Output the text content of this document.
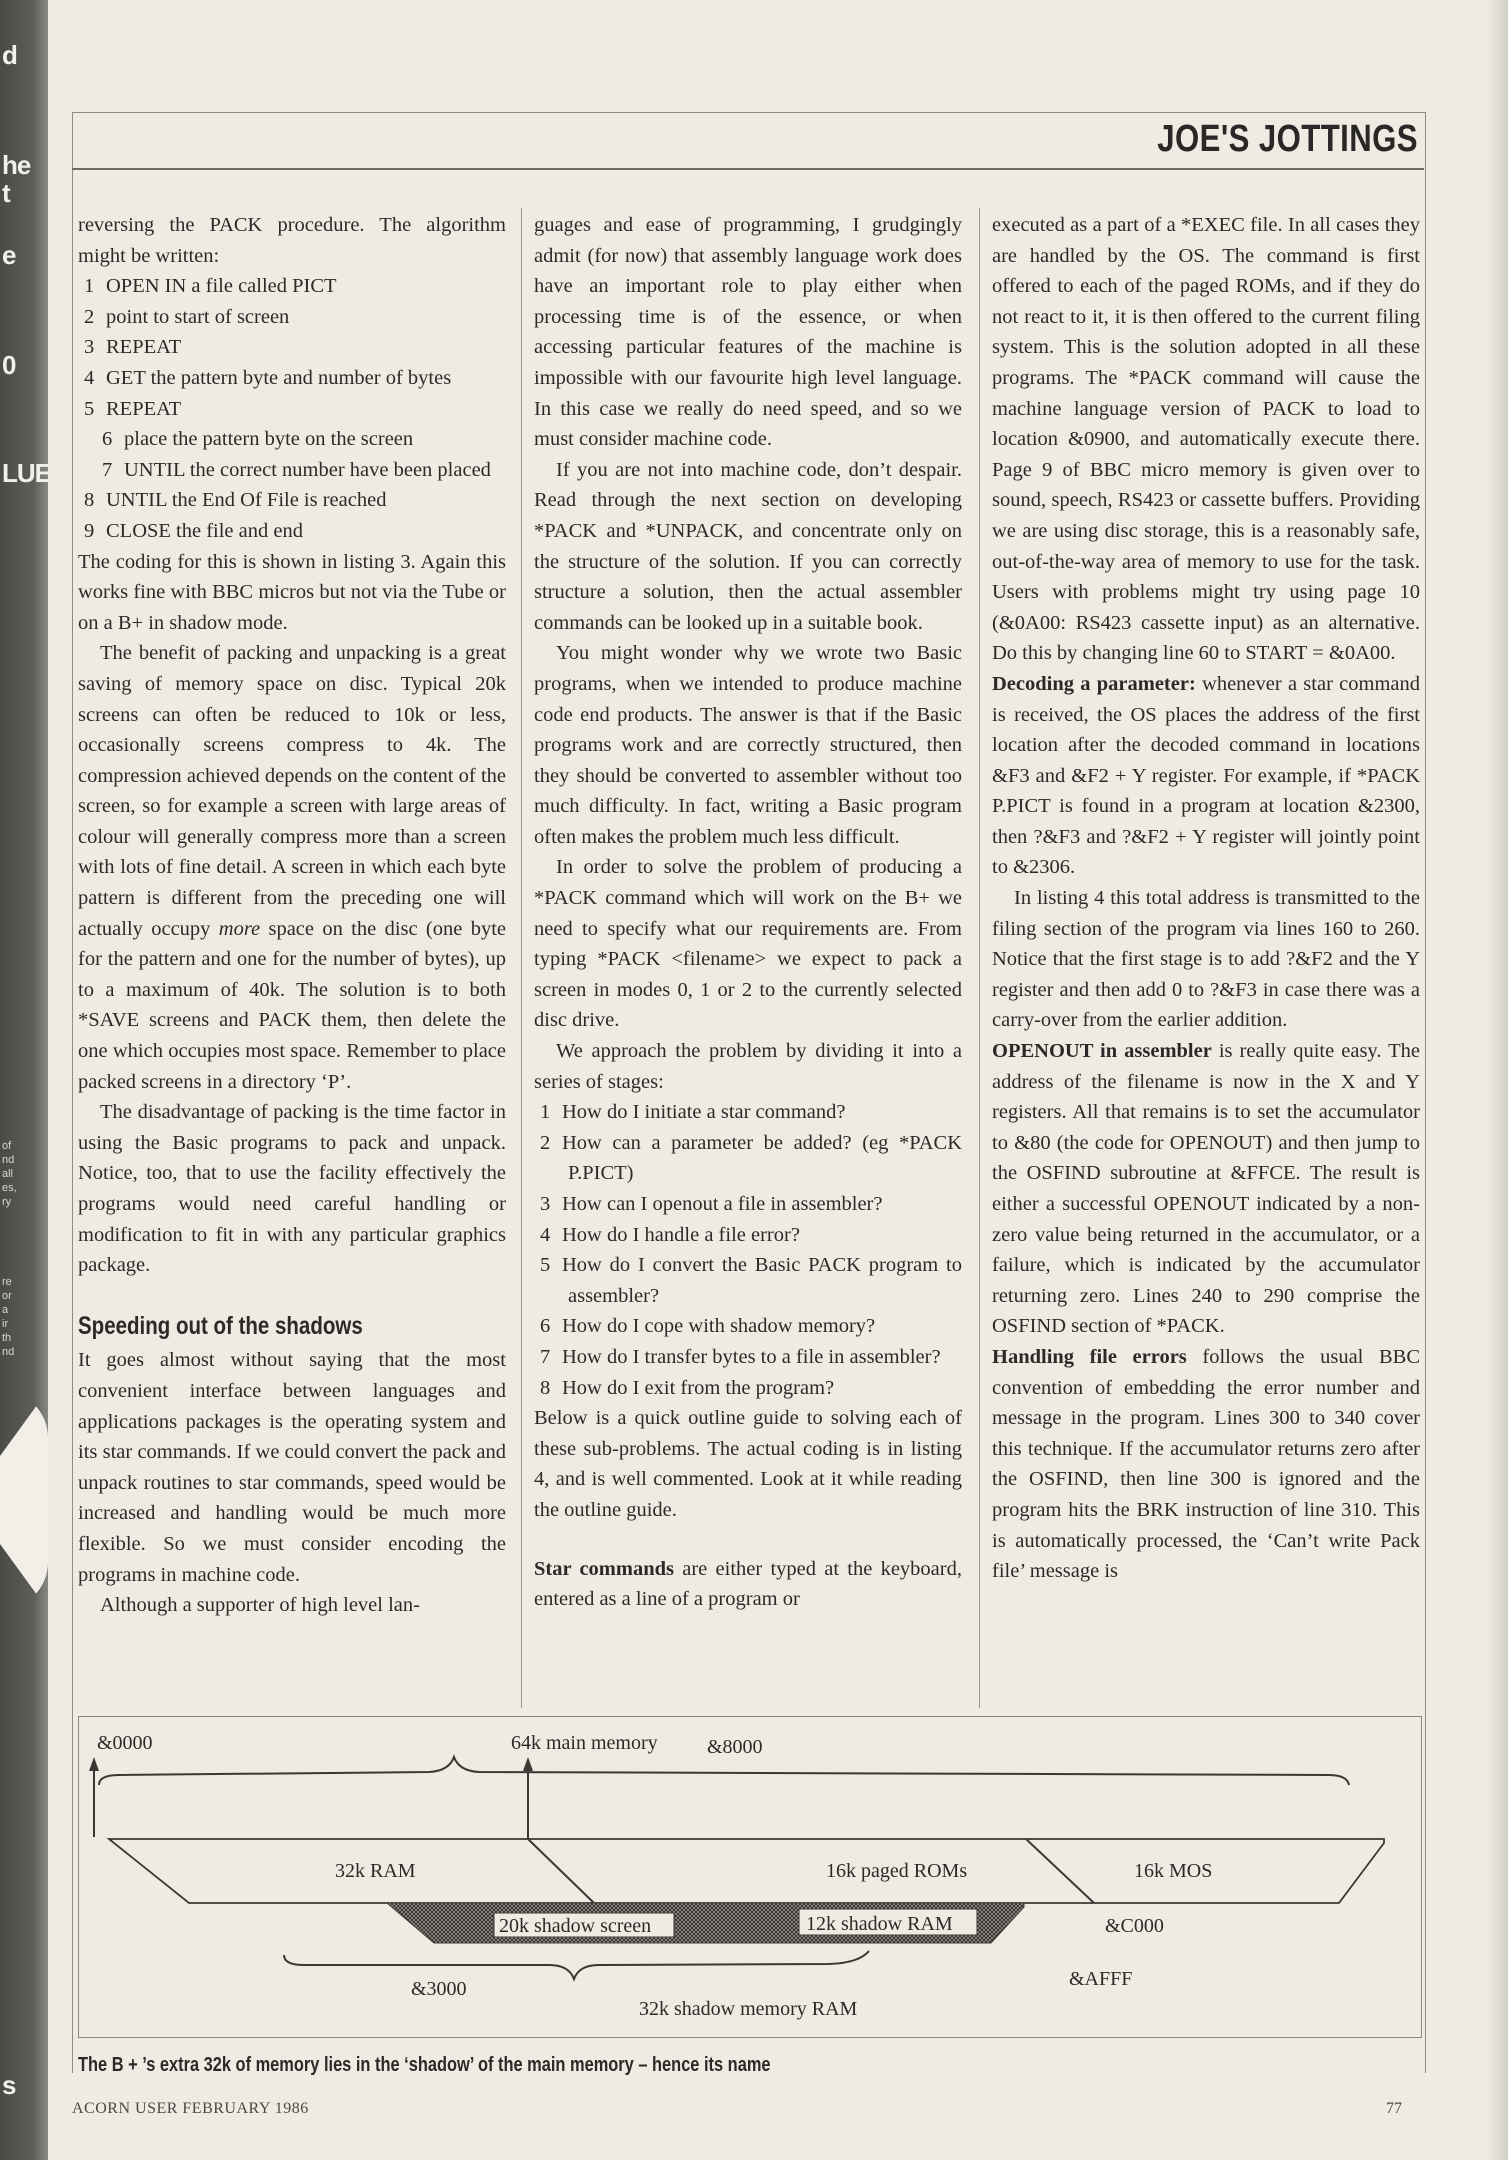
d
he
t
e
0
LUE
of
nd
all
es,
ry
re
or
a
ir
th
nd
s
JOE'S JOTTINGS

reversing the PACK procedure. The algorithm might be written:

1 OPEN IN a file called PICT

2 point to start of screen

3 REPEAT

4 GET the pattern byte and number of bytes

5 REPEAT

6 place the pattern byte on the screen

7 UNTIL the correct number have been placed

8 UNTIL the End Of File is reached

9 CLOSE the file and end

The coding for this is shown in listing 3. Again this works fine with BBC micros but not via the Tube or on a B+ in shadow mode.

The benefit of packing and unpacking is a great saving of memory space on disc. Typical 20k screens can often be reduced to 10k or less, occasionally screens compress to 4k. The compression achieved depends on the content of the screen, so for example a screen with large areas of colour will generally compress more than a screen with lots of fine detail. A screen in which each byte pattern is different from the preceding one will actually occupy more space on the disc (one byte for the pattern and one for the number of bytes), up to a maximum of 40k. The solution is to both *SAVE screens and PACK them, then delete the one which occupies most space. Remember to place packed screens in a directory ‘P’.

The disadvantage of packing is the time factor in using the Basic programs to pack and unpack. Notice, too, that to use the facility effectively the programs would need careful handling or modification to fit in with any particular graphics package.

Speeding out of the shadows

It goes almost without saying that the most convenient interface between languages and applications packages is the operating system and its star commands. If we could convert the pack and unpack routines to star commands, speed would be increased and handling would be much more flexible. So we must consider encoding the programs in machine code.

Although a supporter of high level lan-

guages and ease of programming, I grudgingly admit (for now) that assembly language work does have an important role to play either when processing time is of the essence, or when accessing particular features of the machine is impossible with our favourite high level language. In this case we really do need speed, and so we must consider machine code.

If you are not into machine code, don’t despair. Read through the next section on developing *PACK and *UNPACK, and concentrate only on the structure of the solution. If you can correctly structure a solution, then the actual assembler commands can be looked up in a suitable book.

You might wonder why we wrote two Basic programs, when we intended to produce machine code end products. The answer is that if the Basic programs work and are correctly structured, then they should be converted to assembler without too much difficulty. In fact, writing a Basic program often makes the problem much less difficult.

In order to solve the problem of producing a *PACK command which will work on the B+ we need to specify what our requirements are. From typing *PACK <filename> we expect to pack a screen in modes 0, 1 or 2 to the currently selected disc drive.

We approach the problem by dividing it into a series of stages:

1 How do I initiate a star command?

2 How can a parameter be added? (eg *PACK P.PICT)

3 How can I openout a file in assembler?

4 How do I handle a file error?

5 How do I convert the Basic PACK program to assembler?

6 How do I cope with shadow memory?

7 How do I transfer bytes to a file in assembler?

8 How do I exit from the program?

Below is a quick outline guide to solving each of these sub-problems. The actual coding is in listing 4, and is well commented. Look at it while reading the outline guide.

Star commands are either typed at the keyboard, entered as a line of a program or

executed as a part of a *EXEC file. In all cases they are handled by the OS. The command is first offered to each of the paged ROMs, and if they do not react to it, it is then offered to the current filing system. This is the solution adopted in all these programs. The *PACK command will cause the machine language version of PACK to load to location &0900, and automatically execute there. Page 9 of BBC micro memory is given over to sound, speech, RS423 or cassette buffers. Providing we are using disc storage, this is a reasonably safe, out-of-the-way area of memory to use for the task. Users with problems might try using page 10 (&0A00: RS423 cassette input) as an alternative. Do this by changing line 60 to START = &0A00.

Decoding a parameter: whenever a star command is received, the OS places the address of the first location after the decoded command in locations &F3 and &F2 + Y register. For example, if *PACK P.PICT is found in a program at location &2300, then ?&F3 and ?&F2 + Y register will jointly point to &2306.

In listing 4 this total address is transmitted to the filing section of the program via lines 160 to 260. Notice that the first stage is to add ?&F2 and the Y register and then add 0 to ?&F3 in case there was a carry-over from the earlier addition.

OPENOUT in assembler is really quite easy. The address of the filename is now in the X and Y registers. All that remains is to set the accumulator to &80 (the code for OPENOUT) and then jump to the OSFIND subroutine at &FFCE. The result is either a successful OPENOUT indicated by a non-zero value being returned in the accumulator, or a failure, which is indicated by the accumulator returning zero. Lines 240 to 290 comprise the OSFIND section of *PACK.

Handling file errors follows the usual BBC convention of embedding the error number and message in the program. Lines 300 to 340 cover this technique. If the accumulator returns zero after the OSFIND, then line 300 is ignored and the program hits the BRK instruction of line 310. This is automatically processed, the ‘Can’t write Pack file’ message is

&0000	64k main memory &8000
32k RAM	16k paged ROMs	16k MOS
20k shadow screen	12k shadow RAM	&C000
&AFFF
&3000
32k shadow memory RAM
The B + ’s extra 32k of memory lies in the ‘shadow’ of the main memory – hence its name
ACORN USER FEBRUARY 1986	77
